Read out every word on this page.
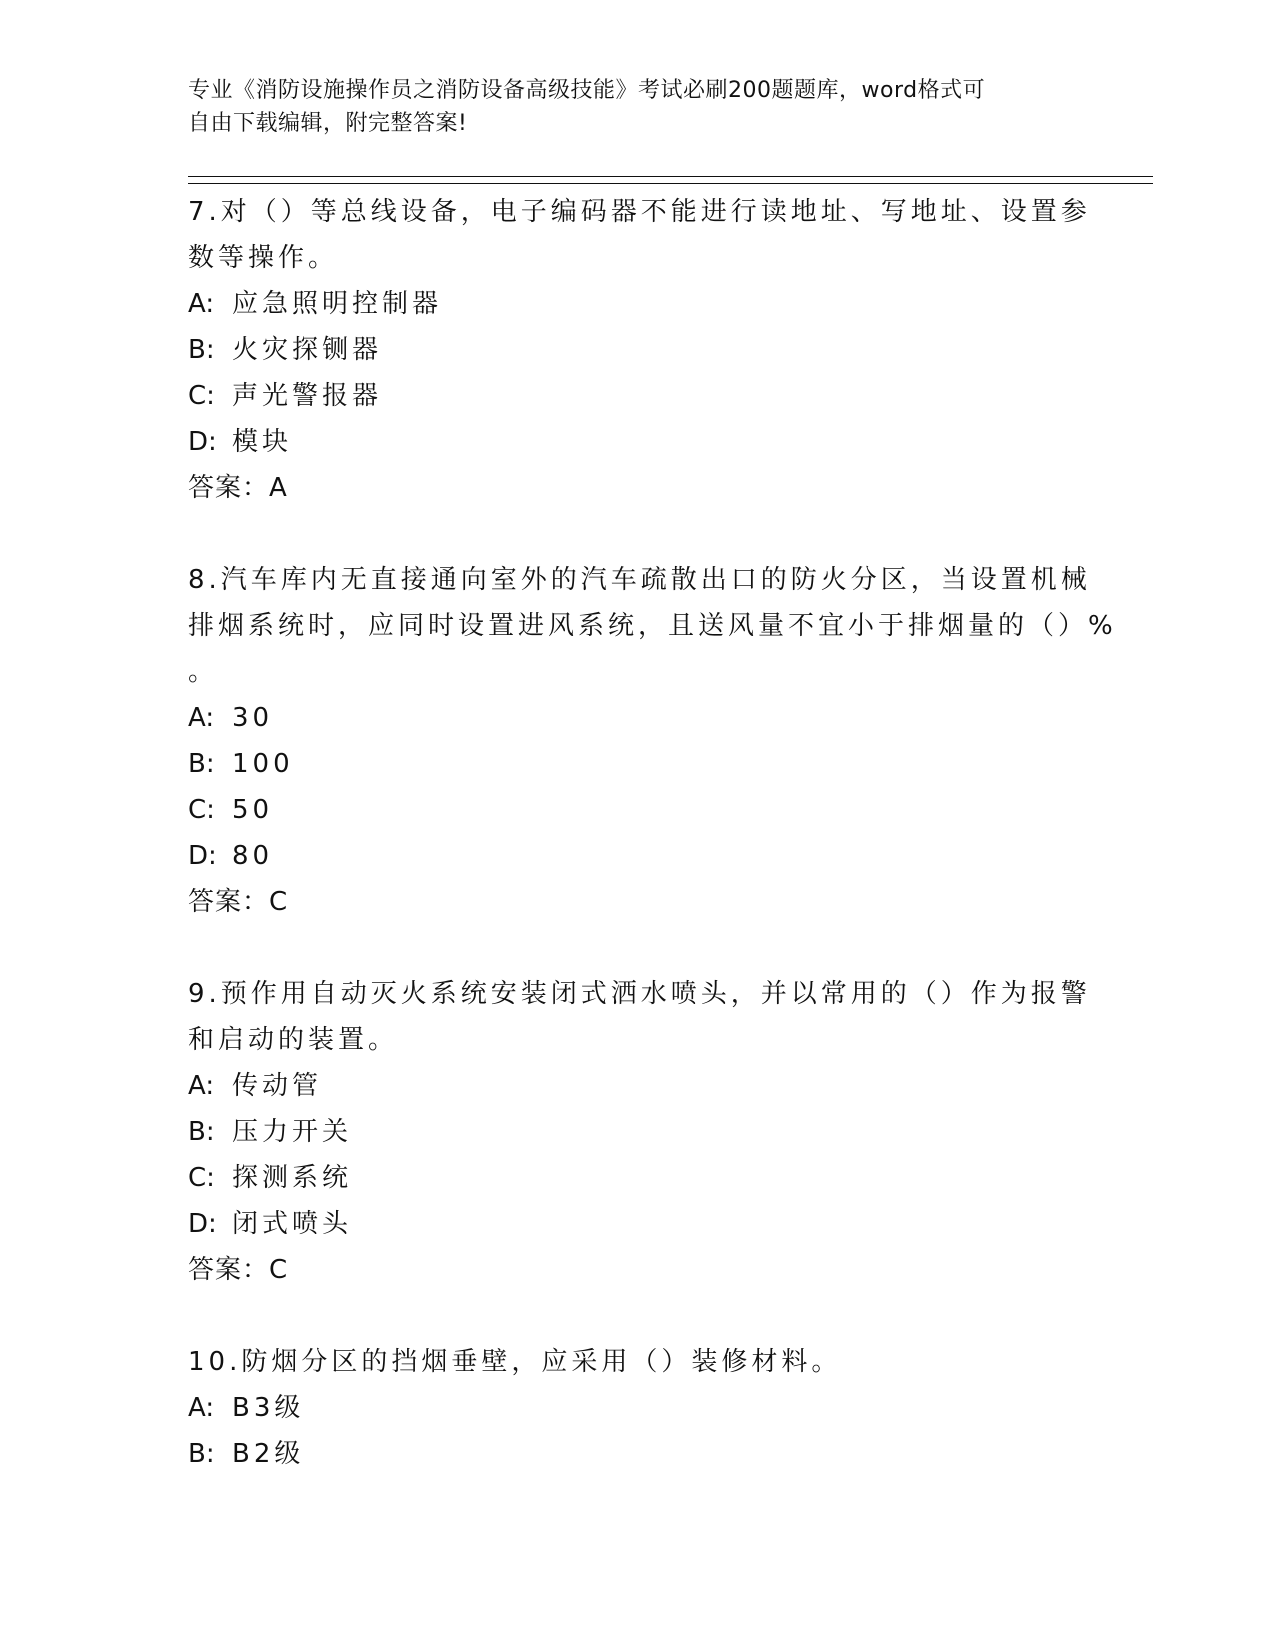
专业《消防设施操作员之消防设备高级技能》考试必刷200题题库，word格式可
自由下载编辑，附完整答案!
7.对（）等总线设备，电子编码器不能进行读地址、写地址、设置参
数等操作。
A: 应急照明控制器
B: 火灾探铡器
C: 声光警报器
D: 模块
答案：A
8.汽车库内无直接通向室外的汽车疏散出口的防火分区，当设置机械
排烟系统时，应同时设置进风系统，且送风量不宜小于排烟量的（）%
。
A: 30
B: 100
C: 50
D: 80
答案：C
9.预作用自动灭火系统安装闭式洒水喷头，并以常用的（）作为报警
和启动的装置。
A: 传动管
B: 压力开关
C: 探测系统
D: 闭式喷头
答案：C
10.防烟分区的挡烟垂壁，应采用（）装修材料。
A: B3级
B: B2级
